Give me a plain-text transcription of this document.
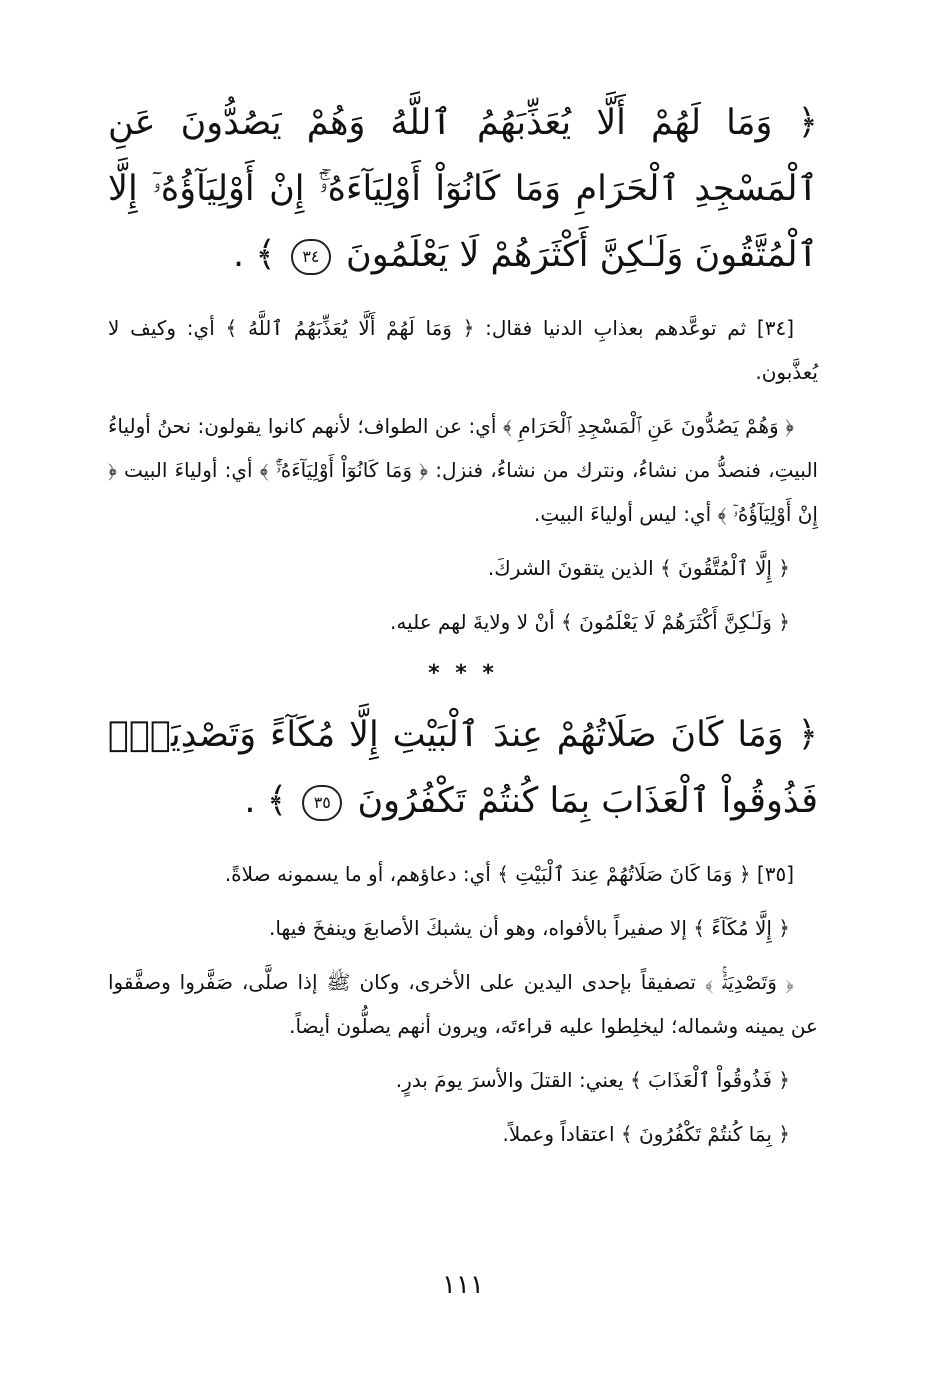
﴿ وَمَا لَهُمْ أَلَّا يُعَذِّبَهُمُ ٱللَّهُ وَهُمْ يَصُدُّونَ عَنِ ٱلْمَسْجِدِ ٱلْحَرَامِ وَمَا كَانُوٓاْ أَوْلِيَآءَهُۥٓۚ إِنْ أَوْلِيَآؤُهُۥٓ إِلَّا ٱلْمُتَّقُونَ وَلَـٰكِنَّ أَكْثَرَهُمْ لَا يَعْلَمُونَ ٣٤ ﴾ .

[٣٤] ثم توعَّدهم بعذابِ الدنيا فقال: ﴿ وَمَا لَهُمْ أَلَّا يُعَذِّبَهُمُ ٱللَّهُ ﴾ أي: وكيف لا يُعذَّبون.

﴿ وَهُمْ يَصُدُّونَ عَنِ ٱلْمَسْجِدِ ٱلْحَرَامِ ﴾ أي: عن الطواف؛ لأنهم كانوا يقولون: نحنُ أولياءُ البيتِ، فنصدُّ من نشاءُ، ونترك من نشاءُ، فنزل: ﴿ وَمَا كَانُوٓاْ أَوْلِيَآءَهُۥٓۚ ﴾ أي: أولياءَ البيت ﴿ إِنْ أَوْلِيَآؤُهُۥٓ ﴾ أي: ليس أولياءَ البيتِ.

﴿ إِلَّا ٱلْمُتَّقُونَ ﴾ الذين يتقونَ الشركَ.

﴿ وَلَـٰكِنَّ أَكْثَرَهُمْ لَا يَعْلَمُونَ ﴾ أنْ لا ولايةَ لهم عليه.

* * *

﴿ وَمَا كَانَ صَلَاتُهُمْ عِندَ ٱلْبَيْتِ إِلَّا مُكَآءً وَتَصْدِيَةًۚ فَذُوقُواْ ٱلْعَذَابَ بِمَا كُنتُمْ تَكْفُرُونَ ٣٥ ﴾ .

[٣٥] ﴿ وَمَا كَانَ صَلَاتُهُمْ عِندَ ٱلْبَيْتِ ﴾ أي: دعاؤهم، أو ما يسمونه صلاةً.

﴿ إِلَّا مُكَآءً ﴾ إلا صفيراً بالأفواه، وهو أن يشبكَ الأصابعَ وينفخَ فيها.

﴿ وَتَصْدِيَةًۚ ﴾ تصفيقاً بإحدى اليدين على الأخرى، وكان ﷺ إذا صلَّى، صَفَّروا وصفَّقوا عن يمينه وشماله؛ ليخلِطوا عليه قراءتَه، ويرون أنهم يصلُّون أيضاً.

﴿ فَذُوقُواْ ٱلْعَذَابَ ﴾ يعني: القتلَ والأسرَ يومَ بدرٍ.

﴿ بِمَا كُنتُمْ تَكْفُرُونَ ﴾ اعتقاداً وعملاً.

١١١
